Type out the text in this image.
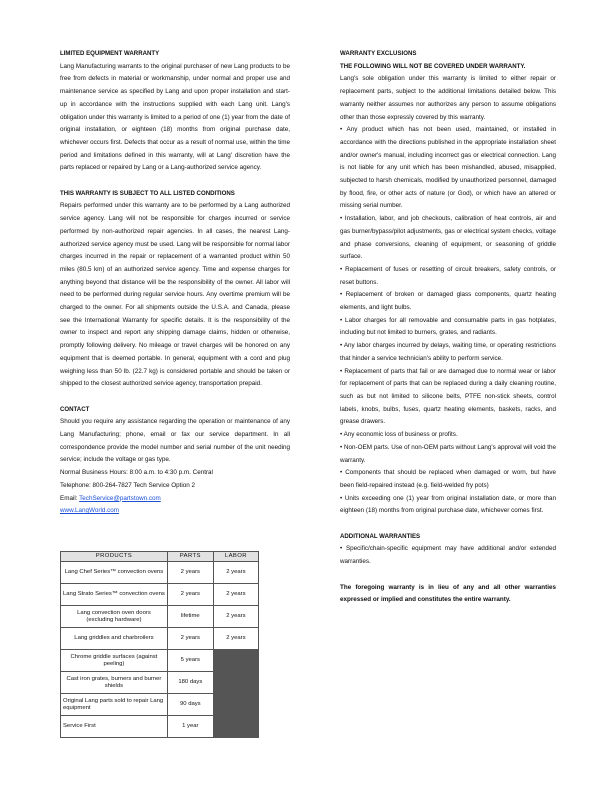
LIMITED EQUIPMENT WARRANTY

Lang Manufacturing warrants to the original purchaser of new Lang products to be free from defects in material or workmanship, under normal and proper use and maintenance service as specified by Lang and upon proper installation and start-up in accordance with the instructions supplied with each Lang unit. Lang's obligation under this warranty is limited to a period of one (1) year from the date of original installation, or eighteen (18) months from original purchase date, whichever occurs first. Defects that occur as a result of normal use, within the time period and limitations defined in this warranty, will at Lang' discretion have the parts replaced or repaired by Lang or a Lang-authorized service agency.

THIS WARRANTY IS SUBJECT TO ALL LISTED CONDITIONS

Repairs performed under this warranty are to be performed by a Lang authorized service agency. Lang will not be responsible for charges incurred or service performed by non-authorized repair agencies. In all cases, the nearest Lang-authorized service agency must be used. Lang will be responsible for normal labor charges incurred in the repair or replacement of a warranted product within 50 miles (80.5 km) of an authorized service agency. Time and expense charges for anything beyond that distance will be the responsibility of the owner. All labor will need to be performed during regular service hours. Any overtime premium will be charged to the owner. For all shipments outside the U.S.A. and Canada, please see the International Warranty for specific details. It is the responsibility of the owner to inspect and report any shipping damage claims, hidden or otherwise, promptly following delivery. No mileage or travel charges will be honored on any equipment that is deemed portable. In general, equipment with a cord and plug weighing less than 50 lb. (22.7 kg) is considered portable and should be taken or shipped to the closest authorized service agency, transportation prepaid.

CONTACT

Should you require any assistance regarding the operation or maintenance of any Lang Manufacturing; phone, email or fax our service department. In all correspondence provide the model number and serial number of the unit needing service; include the voltage or gas type.

Normal Business Hours: 8:00 a.m. to 4:30 p.m. Central

Telephone: 800-264-7827 Tech Service Option 2

Email: TechService@partstown.com

www.LangWorld.com

PRODUCTS	PARTS	LABOR
Lang Chef Series™ convection ovens	2 years	2 years
Lang Strato Series™ convection ovens	2 years	2 years
Lang convection oven doors (excluding hardware)	lifetime	2 years
Lang griddles and charbroilers	2 years	2 years
Chrome griddle surfaces (against peeling)	5 years	
Cast iron grates, burners and burner shields	180 days	
Original Lang parts sold to repair Lang equipment	90 days	
Service First	1 year	

WARRANTY EXCLUSIONS

THE FOLLOWING WILL NOT BE COVERED UNDER WARRANTY.

Lang's sole obligation under this warranty is limited to either repair or replacement parts, subject to the additional limitations detailed below. This warranty neither assumes nor authorizes any person to assume obligations other than those expressly covered by this warranty.

• Any product which has not been used, maintained, or installed in accordance with the directions published in the appropriate installation sheet and/or owner's manual, including incorrect gas or electrical connection. Lang is not liable for any unit which has been mishandled, abused, misapplied, subjected to harsh chemicals, modified by unauthorized personnel, damaged by flood, fire, or other acts of nature (or God), or which have an altered or missing serial number.

• Installation, labor, and job checkouts, calibration of heat controls, air and gas burner/bypass/pilot adjustments, gas or electrical system checks, voltage and phase conversions, cleaning of equipment, or seasoning of griddle surface.

• Replacement of fuses or resetting of circuit breakers, safety controls, or reset buttons.

• Replacement of broken or damaged glass components, quartz heating elements, and light bulbs.

• Labor charges for all removable and consumable parts in gas hotplates, including but not limited to burners, grates, and radiants.

• Any labor charges incurred by delays, waiting time, or operating restrictions that hinder a service technician's ability to perform service.

• Replacement of parts that fail or are damaged due to normal wear or labor for replacement of parts that can be replaced during a daily cleaning routine, such as but not limited to silicone belts, PTFE non-stick sheets, control labels, knobs, bulbs, fuses, quartz heating elements, baskets, racks, and grease drawers.

• Any economic loss of business or profits.

• Non-OEM parts. Use of non-OEM parts without Lang's approval will void the warranty.

• Components that should be replaced when damaged or worn, but have been field-repaired instead (e.g. field-welded fry pots)

• Units exceeding one (1) year from original installation date, or more than eighteen (18) months from original purchase date, whichever comes first.

ADDITIONAL WARRANTIES

• Specific/chain-specific equipment may have additional and/or extended warranties.

The foregoing warranty is in lieu of any and all other warranties expressed or implied and constitutes the entire warranty.
